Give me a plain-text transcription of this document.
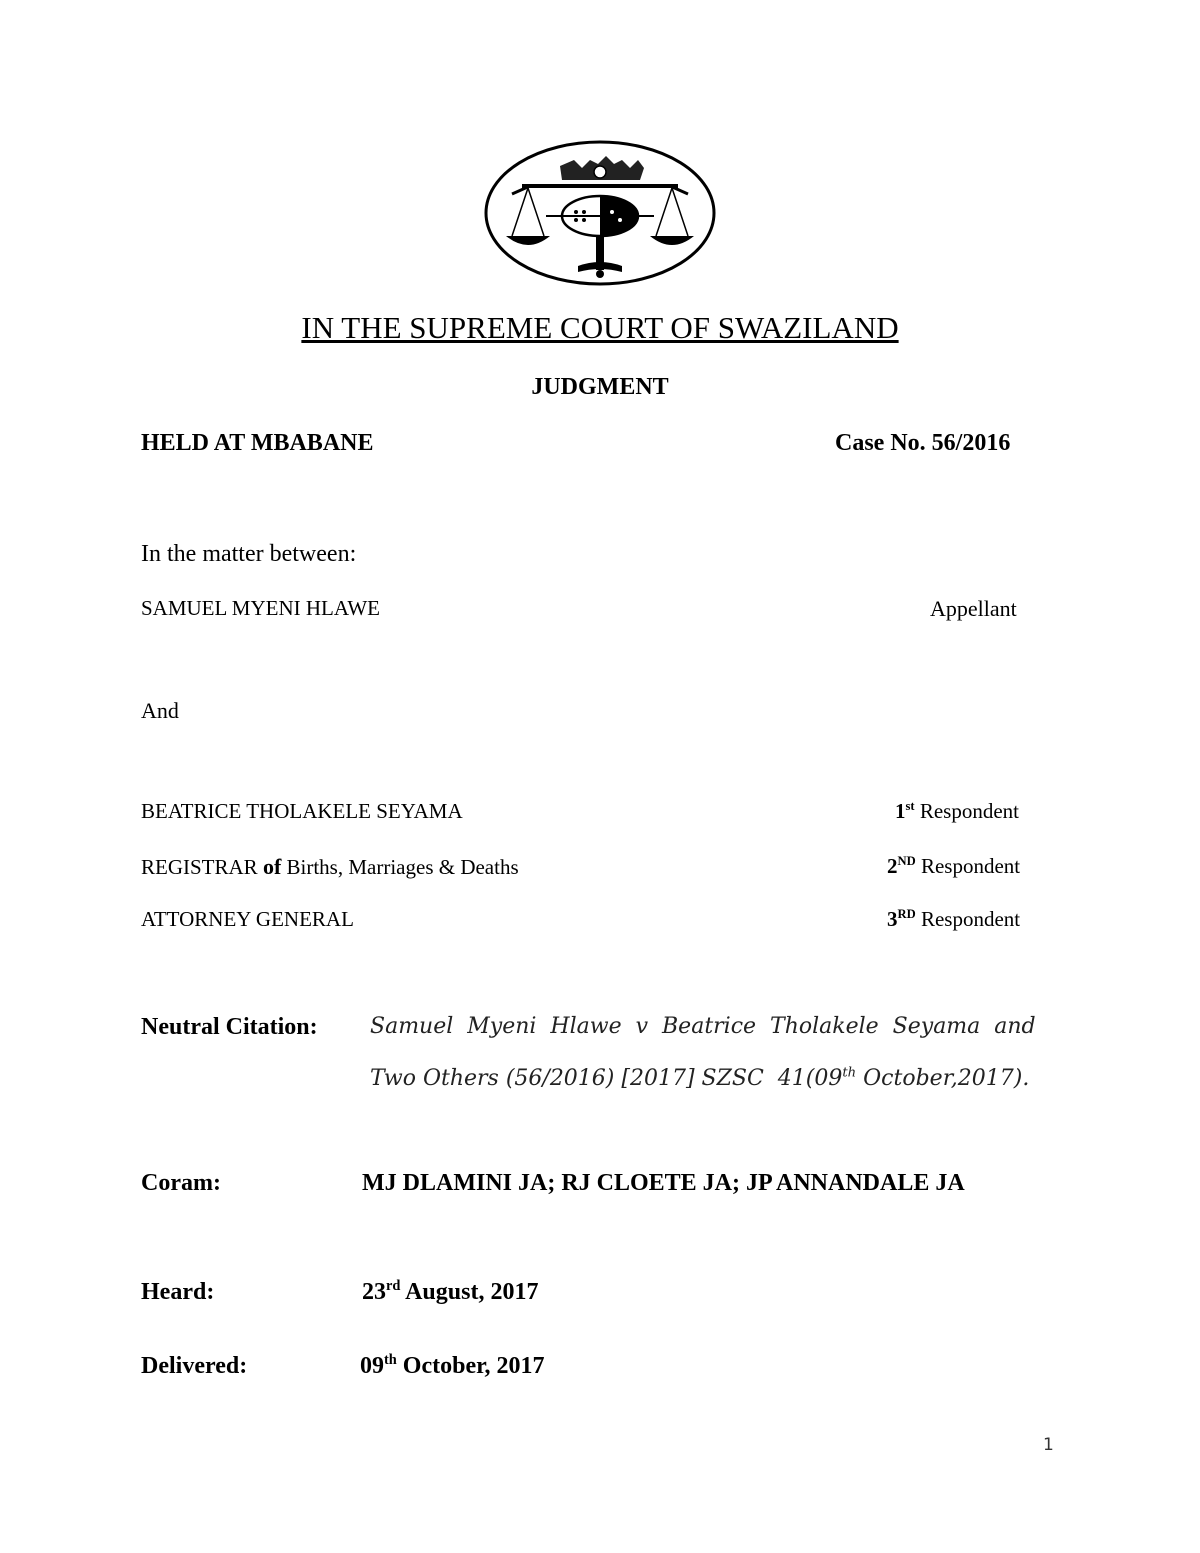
IN THE SUPREME COURT OF SWAZILAND
JUDGMENT
HELD AT MBABANE	Case No. 56/2016
In the matter between:
SAMUEL MYENI HLAWE	Appellant
And
BEATRICE THOLAKELE SEYAMA	1st Respondent
REGISTRAR of Births, Marriages & Deaths	2ND Respondent
ATTORNEY GENERAL	3RD Respondent
Neutral Citation: Samuel  Myeni  Hlawe  v  Beatrice  Tholakele  Seyama  and
Two Others (56/2016) [2017] SZSC  41(09th October,2017).
Coram:	MJ DLAMINI JA; RJ CLOETE JA; JP ANNANDALE JA
Heard:	23rd August, 2017
Delivered:	09th October, 2017
1
